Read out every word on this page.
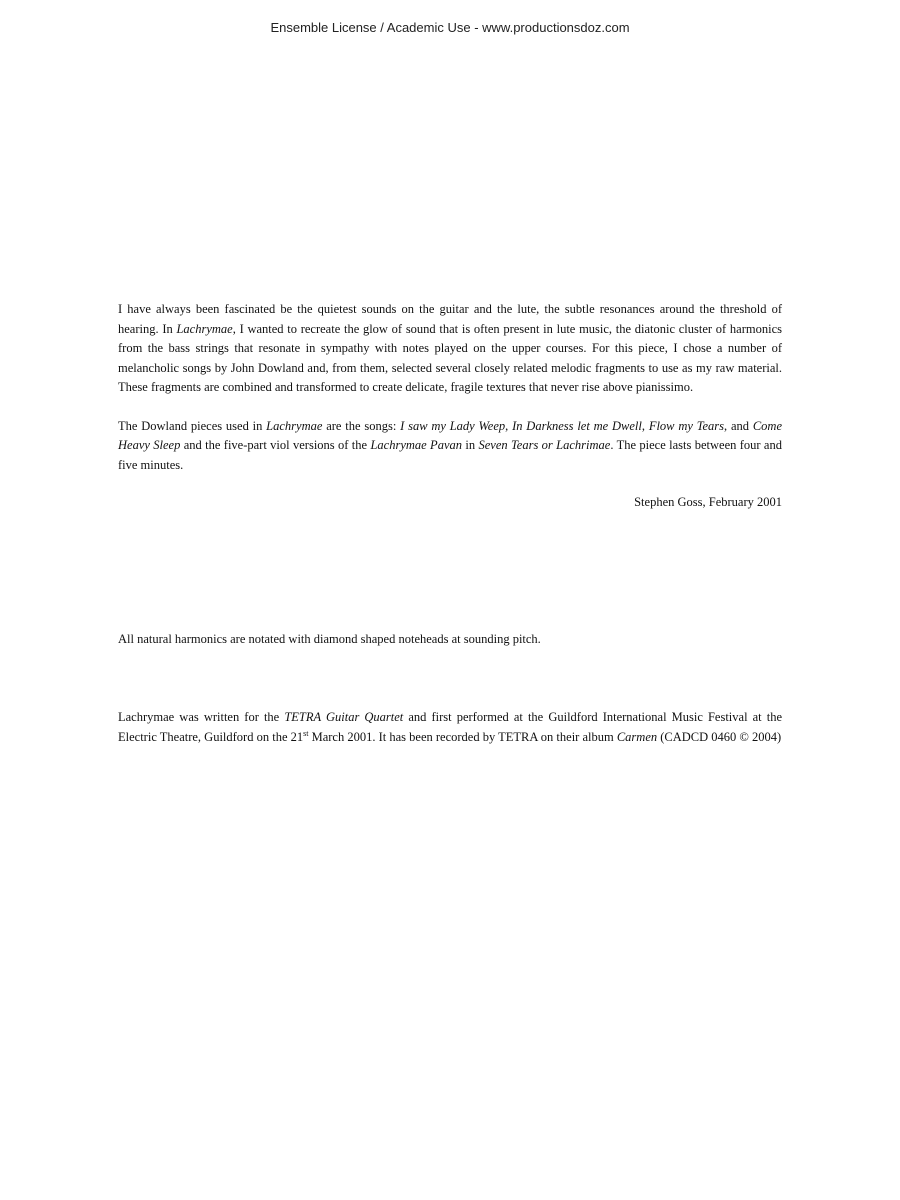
Ensemble License / Academic Use - www.productionsdoz.com

I have always been fascinated be the quietest sounds on the guitar and the lute, the subtle resonances around the threshold of hearing. In Lachrymae, I wanted to recreate the glow of sound that is often present in lute music, the diatonic cluster of harmonics from the bass strings that resonate in sympathy with notes played on the upper courses. For this piece, I chose a number of melancholic songs by John Dowland and, from them, selected several closely related melodic fragments to use as my raw material. These fragments are combined and transformed to create delicate, fragile textures that never rise above pianissimo.

The Dowland pieces used in Lachrymae are the songs: I saw my Lady Weep, In Darkness let me Dwell, Flow my Tears, and Come Heavy Sleep and the five-part viol versions of the Lachrymae Pavan in Seven Tears or Lachrimae. The piece lasts between four and five minutes.

Stephen Goss, February 2001

All natural harmonics are notated with diamond shaped noteheads at sounding pitch.

Lachrymae was written for the TETRA Guitar Quartet and first performed at the Guildford International Music Festival at the Electric Theatre, Guildford on the 21st March 2001. It has been recorded by TETRA on their album Carmen (CADCD 0460 © 2004)
